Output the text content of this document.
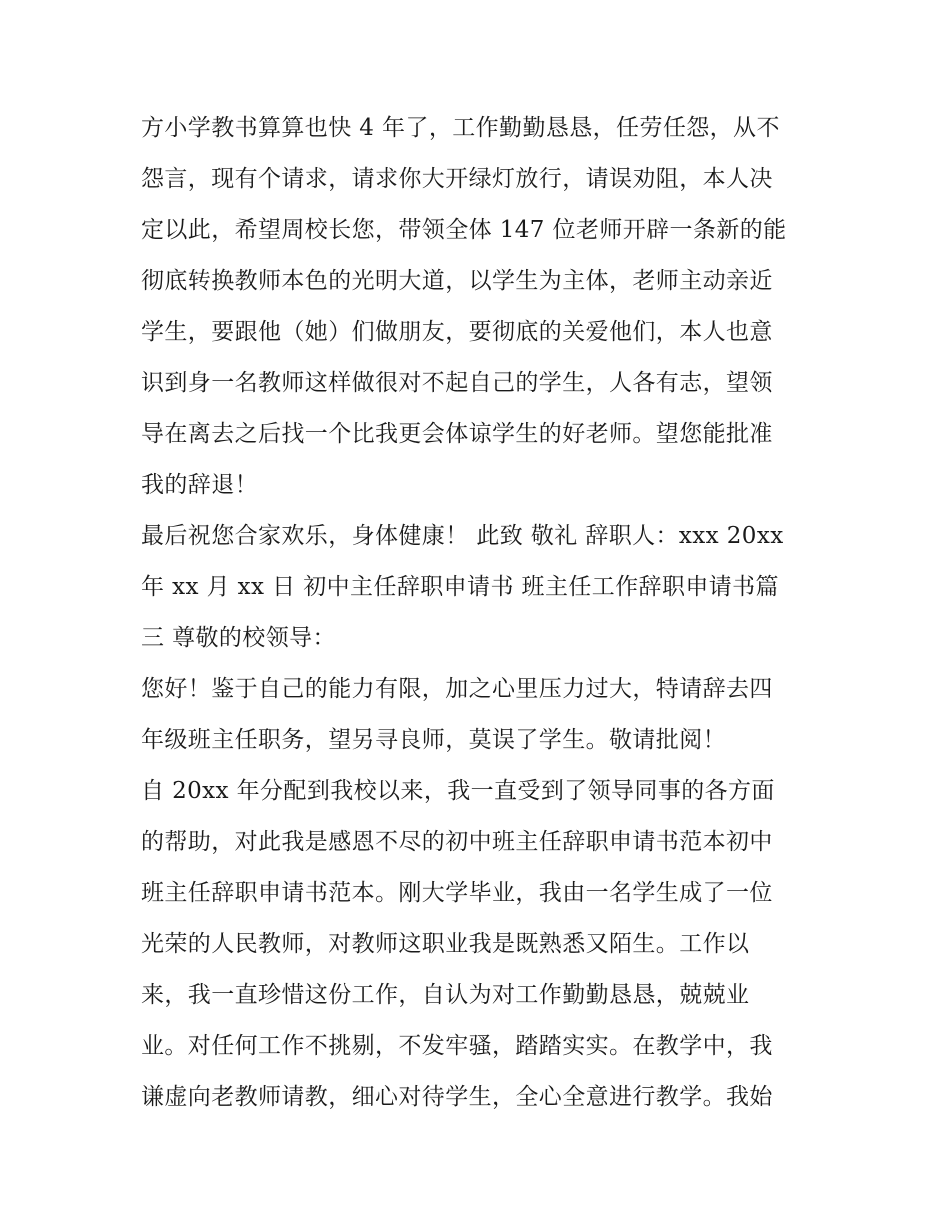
方小学教书算算也快 4 年了，工作勤勤恳恳，任劳任怨，从不
怨言，现有个请求，请求你大开绿灯放行，请误劝阻，本人决
定以此，希望周校长您，带领全体 147 位老师开辟一条新的能
彻底转换教师本色的光明大道，以学生为主体，老师主动亲近
学生，要跟他（她）们做朋友，要彻底的关爱他们，本人也意
识到身一名教师这样做很对不起自己的学生，人各有志，望领
导在离去之后找一个比我更会体谅学生的好老师。望您能批准
我的辞退！
最后祝您合家欢乐，身体健康！ 此致 敬礼 辞职人：xxx 20xx
年 xx 月 xx 日 初中主任辞职申请书 班主任工作辞职申请书篇
三 尊敬的校领导：
您好！鉴于自己的能力有限，加之心里压力过大，特请辞去四
年级班主任职务，望另寻良师，莫误了学生。敬请批阅！
自 20xx 年分配到我校以来，我一直受到了领导同事的各方面
的帮助，对此我是感恩不尽的初中班主任辞职申请书范本初中
班主任辞职申请书范本。刚大学毕业，我由一名学生成了一位
光荣的人民教师，对教师这职业我是既熟悉又陌生。工作以
来，我一直珍惜这份工作，自认为对工作勤勤恳恳，兢兢业
业。对任何工作不挑剔，不发牢骚，踏踏实实。在教学中，我
谦虚向老教师请教，细心对待学生，全心全意进行教学。我始
